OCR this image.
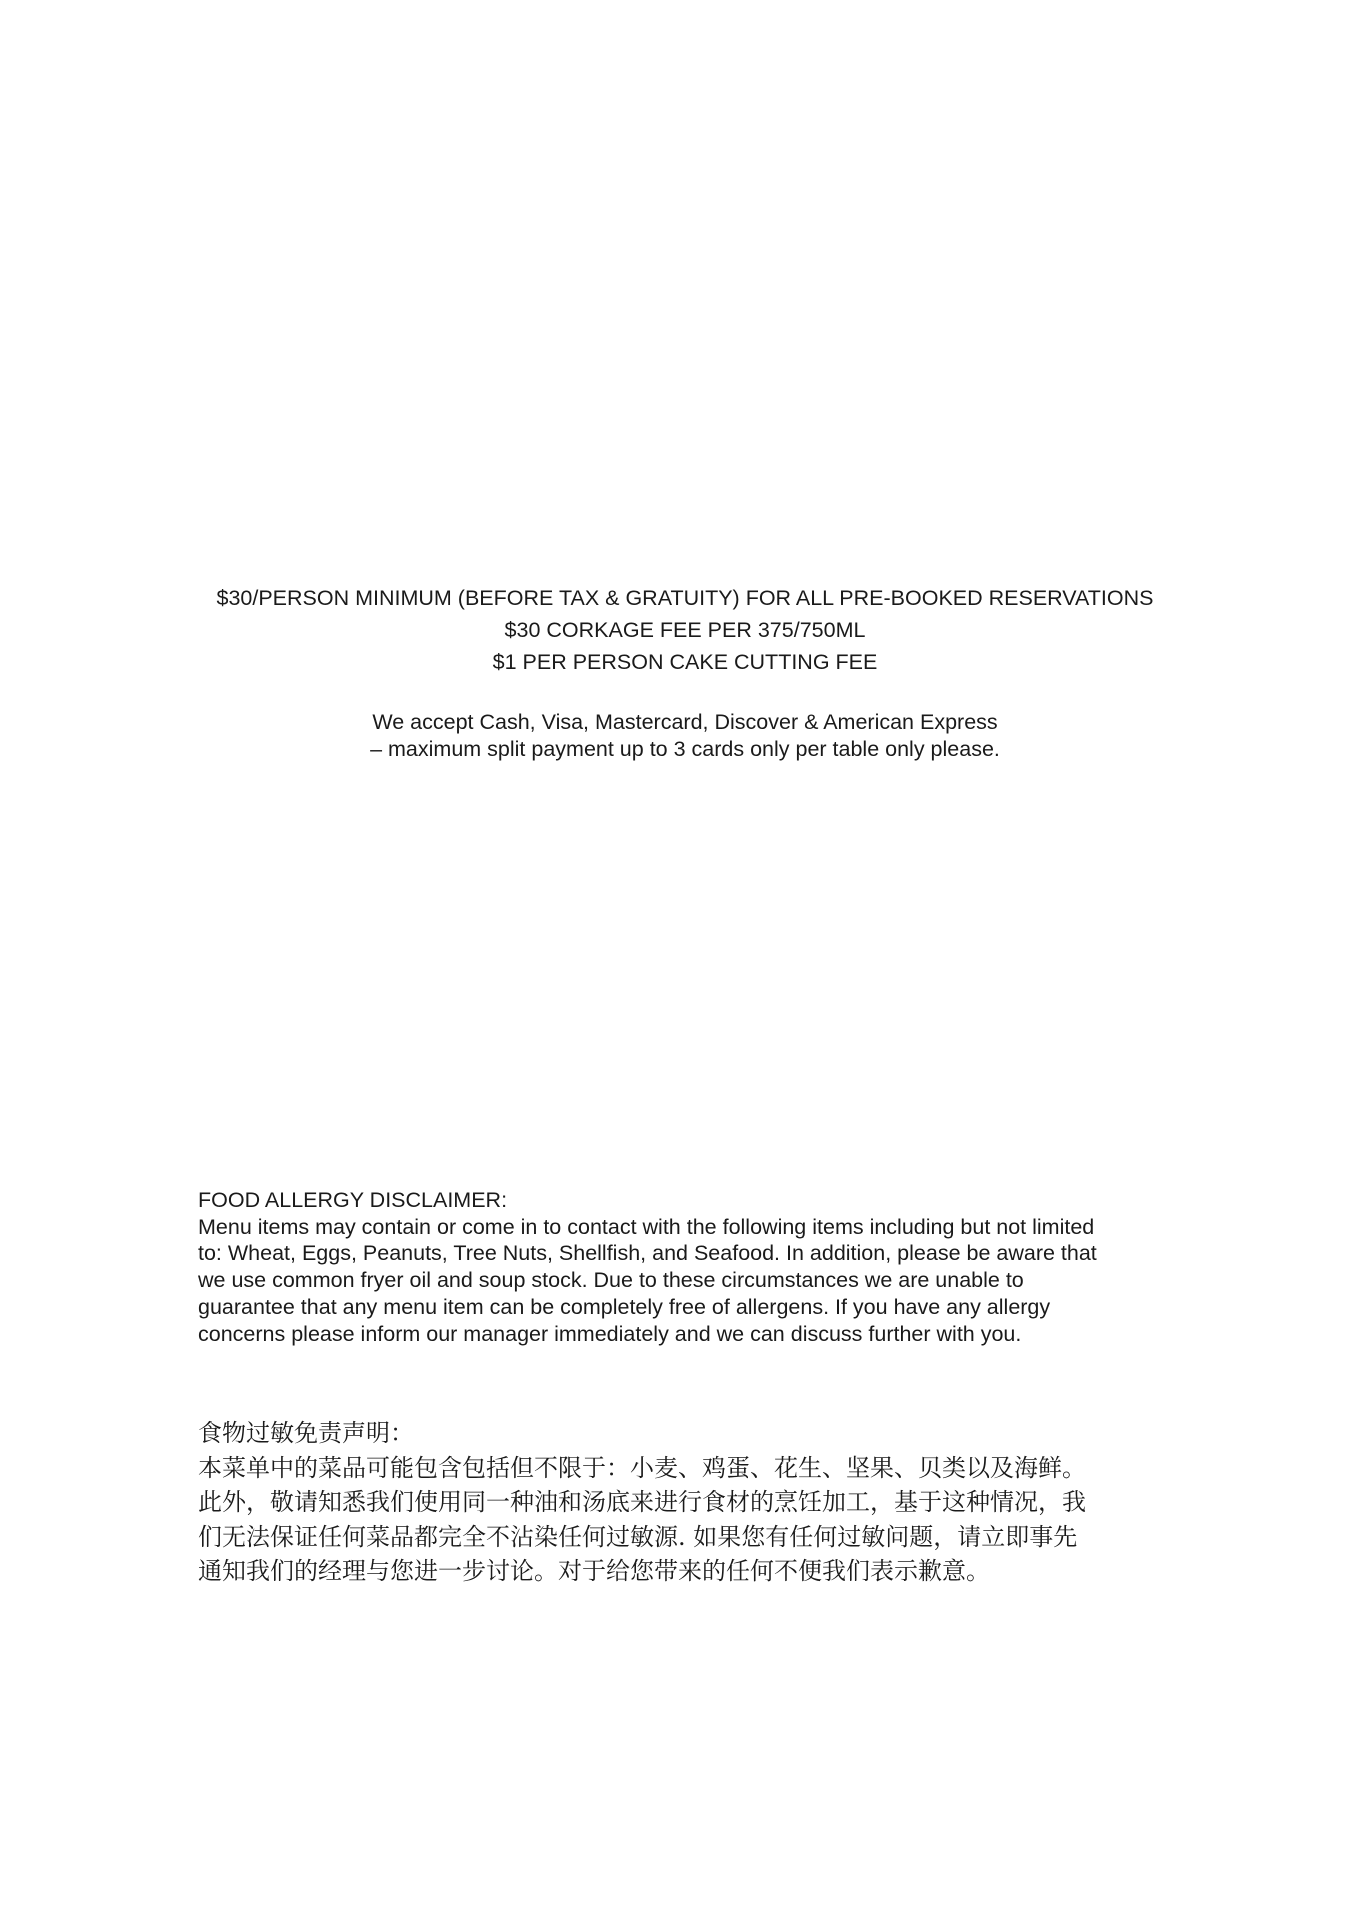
$30/PERSON MINIMUM (BEFORE TAX & GRATUITY) FOR ALL PRE-BOOKED RESERVATIONS
$30 CORKAGE FEE PER 375/750ML
$1 PER PERSON CAKE CUTTING FEE
We accept Cash, Visa, Mastercard, Discover & American Express
– maximum split payment up to 3 cards only per table only please.
FOOD ALLERGY DISCLAIMER:
Menu items may contain or come in to contact with the following items including but not limited
to: Wheat, Eggs, Peanuts, Tree Nuts, Shellfish, and Seafood. In addition, please be aware that
we use common fryer oil and soup stock. Due to these circumstances we are unable to
guarantee that any menu item can be completely free of allergens. If you have any allergy
concerns please inform our manager immediately and we can discuss further with you.
食物过敏免责声明：
本菜单中的菜品可能包含包括但不限于：小麦、鸡蛋、花生、坚果、贝类以及海鲜。
此外，敬请知悉我们使用同一种油和汤底来进行食材的烹饪加工，基于这种情况，我
们无法保证任何菜品都完全不沾染任何过敏源. 如果您有任何过敏问题，请立即事先
通知我们的经理与您进一步讨论。对于给您带来的任何不便我们表示歉意。
